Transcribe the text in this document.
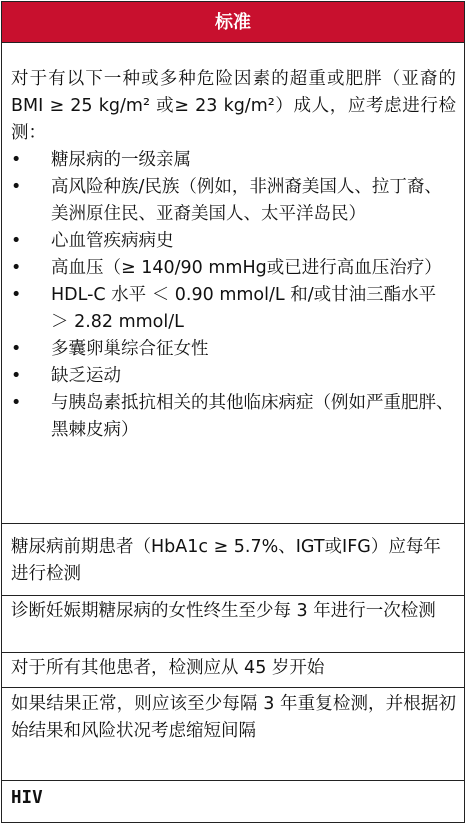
标准
对于有以下一种或多种危险因素的超重或肥胖（亚裔的 BMI ≥ 25 kg/m² 或≥ 23 kg/m²）成人，应考虑进行检测：
• 糖尿病的一级亲属
• 高风险种族/民族（例如，非洲裔美国人、拉丁裔、美洲原住民、亚裔美国人、太平洋岛民）
• 心血管疾病病史
• 高血压（≥ 140/90 mmHg或已进行高血压治疗）
• HDL-C 水平 ＜ 0.90 mmol/L 和/或甘油三酯水平 ＞ 2.82 mmol/L
• 多囊卵巢综合征女性
• 缺乏运动
• 与胰岛素抵抗相关的其他临床病症（例如严重肥胖、黑棘皮病）
糖尿病前期患者（HbA1c ≥ 5.7%、IGT或IFG）应每年进行检测
诊断妊娠期糖尿病的女性终生至少每 3 年进行一次检测
对于所有其他患者，检测应从 45 岁开始
如果结果正常，则应该至少每隔 3 年重复检测，并根据初始结果和风险状况考虑缩短间隔
HIV
